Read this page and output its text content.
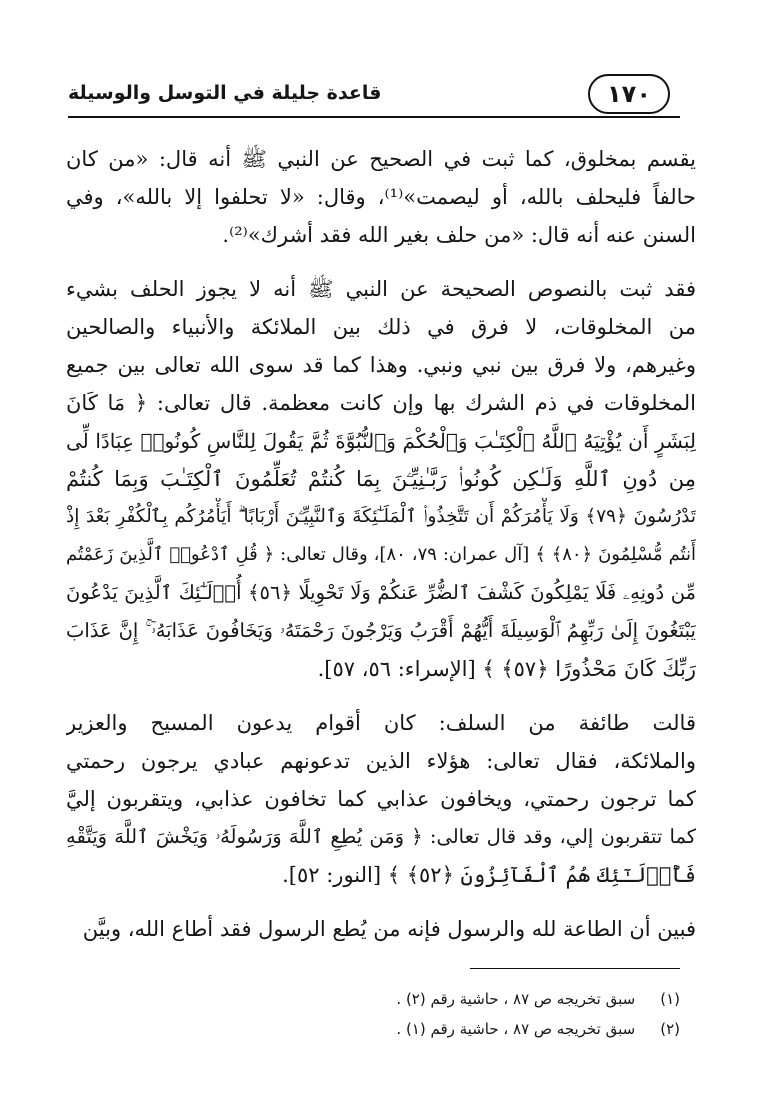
قاعدة جليلة في التوسل والوسيلة	١٧٠
يقسم بمخلوق، كما ثبت في الصحيح عن النبي ﷺ أنه قال: «من كان
حالفاً فليحلف بالله، أو ليصمت»⁽¹⁾، وقال: «لا تحلفوا إلا بالله»، وفي
السنن عنه أنه قال: «من حلف بغير الله فقد أشرك»⁽²⁾.
فقد ثبت بالنصوص الصحيحة عن النبي ﷺ أنه لا يجوز الحلف بشيء
من المخلوقات، لا فرق في ذلك بين الملائكة والأنبياء والصالحين
وغيرهم، ولا فرق بين نبي ونبي. وهذا كما قد سوى الله تعالى بين جميع
المخلوقات في ذم الشرك بها وإن كانت معظمة. قال تعالى: ﴿ مَا كَانَ
لِبَشَرٍ أَن يُؤْتِيَهُ ٱللَّهُ ٱلْكِتَـٰبَ وَٱلْحُكْمَ وَٱلنُّبُوَّةَ ثُمَّ يَقُولَ لِلنَّاسِ كُونُوا۟ عِبَادًا لِّى
مِن دُونِ ٱللَّهِ وَلَـٰكِن كُونُوا۟ رَبَّـٰنِيِّـۧنَ بِمَا كُنتُمْ تُعَلِّمُونَ ٱلْكِتَـٰبَ وَبِمَا كُنتُمْ
تَدْرُسُونَ ﴿٧٩﴾ وَلَا يَأْمُرَكُمْ أَن تَتَّخِذُوا۟ ٱلْمَلَـٰٓئِكَةَ وَٱلنَّبِيِّـۧنَ أَرْبَابًا ۗ أَيَأْمُرُكُم بِٱلْكُفْرِ بَعْدَ إِذْ
أَنتُم مُّسْلِمُونَ ﴿٨٠﴾ ﴾ [آل عمران: ٧٩، ٨٠]، وقال تعالى: ﴿ قُلِ ٱدْعُوا۟ ٱلَّذِينَ زَعَمْتُم
مِّن دُونِهِۦ فَلَا يَمْلِكُونَ كَشْفَ ٱلضُّرِّ عَنكُمْ وَلَا تَحْوِيلًا ﴿٥٦﴾ أُو۟لَـٰٓئِكَ ٱلَّذِينَ يَدْعُونَ
يَبْتَغُونَ إِلَىٰ رَبِّهِمُ ٱلْوَسِيلَةَ أَيُّهُمْ أَقْرَبُ وَيَرْجُونَ رَحْمَتَهُۥ وَيَخَافُونَ عَذَابَهُۥٓ ۚ إِنَّ عَذَابَ
رَبِّكَ كَانَ مَحْذُورًا ﴿٥٧﴾ ﴾ [الإسراء: ٥٦، ٥٧].
قالت طائفة من السلف: كان أقوام يدعون المسيح والعزير
والملائكة، فقال تعالى: هؤلاء الذين تدعونهم عبادي يرجون رحمتي
كما ترجون رحمتي، ويخافون عذابي كما تخافون عذابي، ويتقربون إليَّ
كما تتقربون إلي، وقد قال تعالى: ﴿ وَمَن يُطِعِ ٱللَّهَ وَرَسُولَهُۥ وَيَخْشَ ٱللَّهَ وَيَتَّقْهِ
فَأُو۟لَـٰٓئِكَ هُمُ ٱلْفَآئِزُونَ ﴿٥٢﴾ ﴾ [النور: ٥٢].
فبين أن الطاعة لله والرسول فإنه من يُطع الرسول فقد أطاع الله، وبيَّن
(١) سبق تخريجه ص ٨٧ ، حاشية رقم (٢) .
(٢) سبق تخريجه ص ٨٧ ، حاشية رقم (١) .
